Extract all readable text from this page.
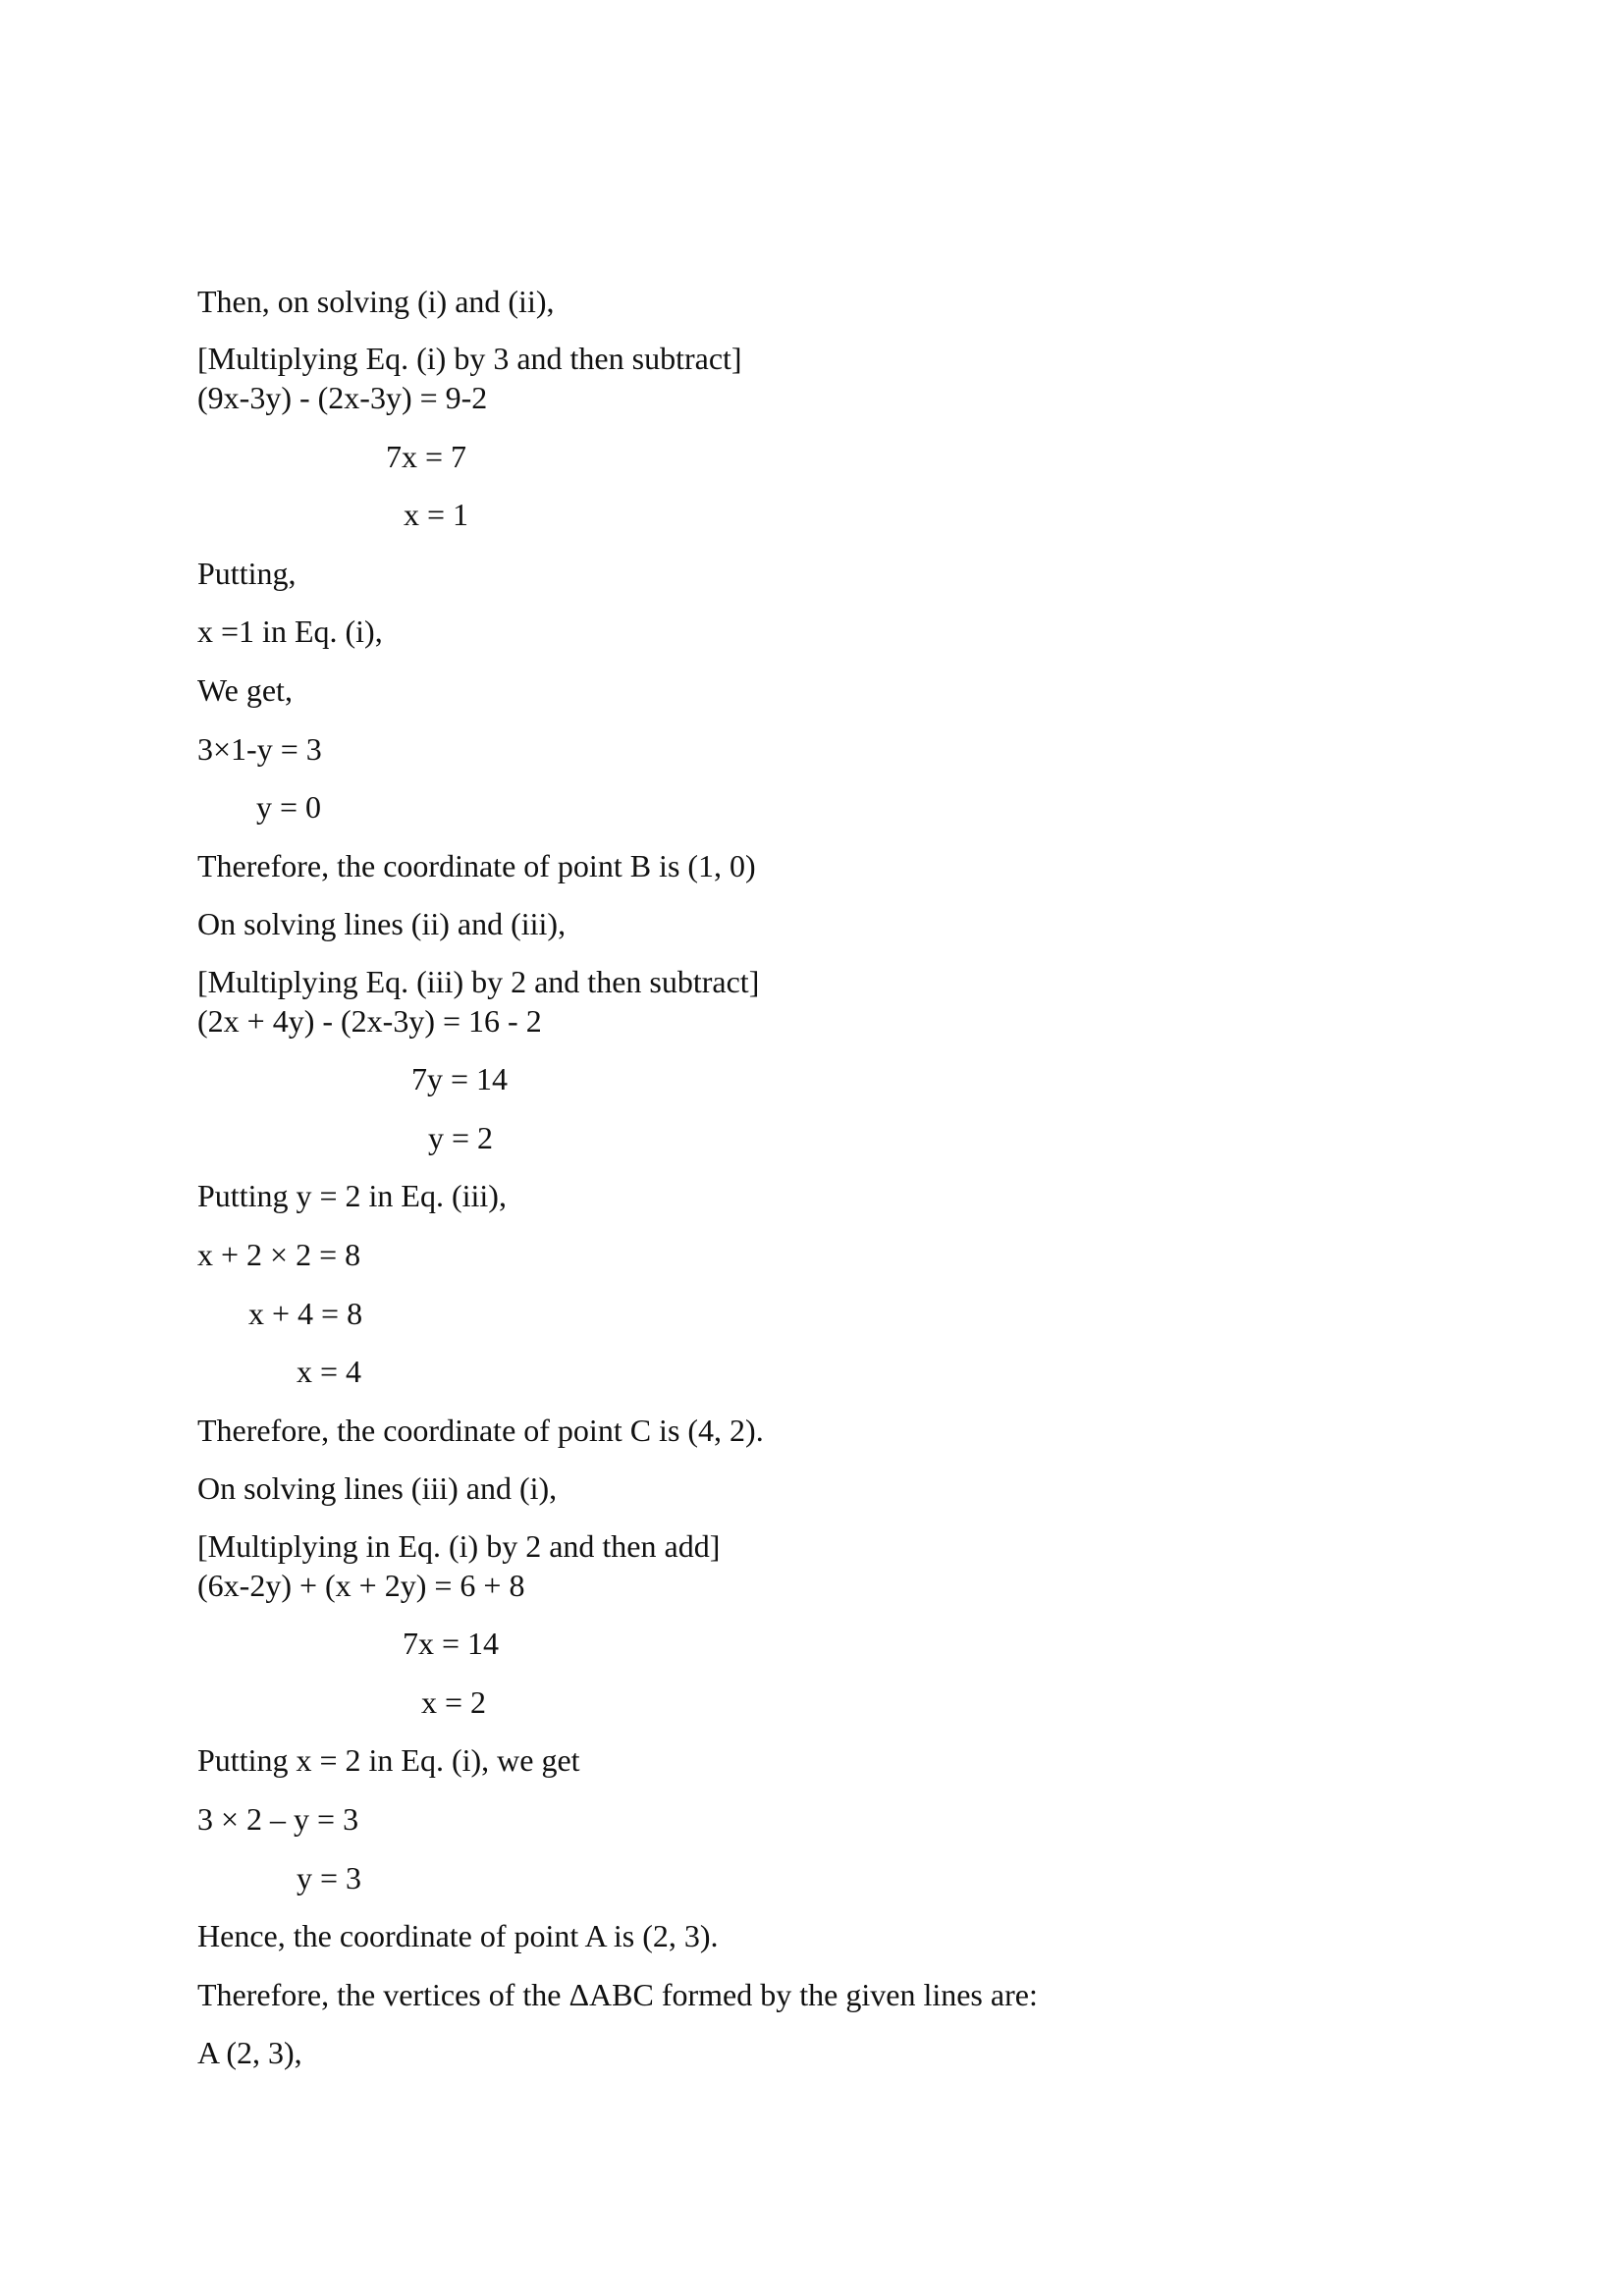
Then, on solving (i) and (ii),

[Multiplying Eq. (i) by 3 and then subtract]

(9x-3y) - (2x-3y) = 9-2

7x = 7

x = 1

Putting,

x =1 in Eq. (i),

We get,

3×1-y = 3

y = 0

Therefore, the coordinate of point B is (1, 0)

On solving lines (ii) and (iii),

[Multiplying Eq. (iii) by 2 and then subtract]

(2x + 4y) - (2x-3y) = 16 - 2

7y = 14

y = 2

Putting y = 2 in Eq. (iii),

x + 2 × 2 = 8

x + 4 = 8

x = 4

Therefore, the coordinate of point C is (4, 2).

On solving lines (iii) and (i),

[Multiplying in Eq. (i) by 2 and then add]

(6x-2y) + (x + 2y) = 6 + 8

7x = 14

x = 2

Putting x = 2 in Eq. (i), we get

3 × 2 – y = 3

y = 3

Hence, the coordinate of point A is (2, 3).

Therefore, the vertices of the ΔABC formed by the given lines are:

A (2, 3),
